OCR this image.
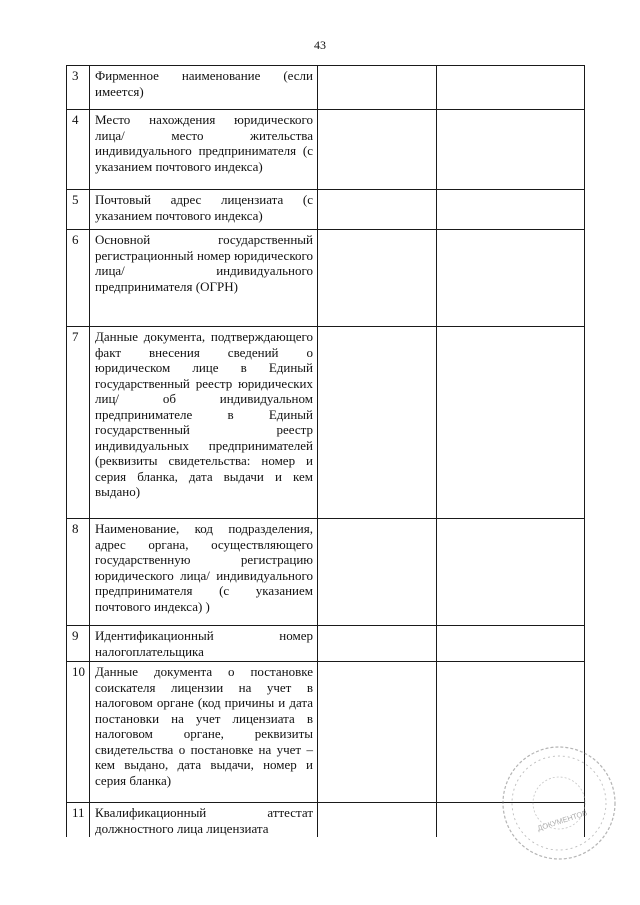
43
3	Фирменное наименование (если имеется)		
4	Место нахождения юридического лица/ место жительства индивидуального предпринимателя (с указанием почтового индекса)		
5	Почтовый адрес лицензиата (с указанием почтового индекса)		
6	Основной государственный регистрационный номер юридического лица/ индивидуального предпринимателя (ОГРН)		
7	Данные документа, подтверждающего факт внесения сведений о юридическом лице в Единый государственный реестр юридических лиц/ об индивидуальном предпринимателе в Единый государственный реестр индивидуальных предпринимателей (реквизиты свидетельства: номер и серия бланка, дата выдачи и кем выдано)		
8	Наименование, код подразделения, адрес органа, осуществляющего государственную регистрацию юридического лица/ индивидуального предпринимателя (с указанием почтового индекса) )		
9	Идентификационный номер налогоплательщика		
10	Данные документа о постановке соискателя лицензии на учет в налоговом органе (код причины и дата постановки на учет лицензиата в налоговом органе, реквизиты свидетельства о постановке на учет – кем выдано, дата выдачи, номер и серия бланка)		
11	Квалификационный аттестат должностного лица лицензиата			ДОКУМЕНТОВ
